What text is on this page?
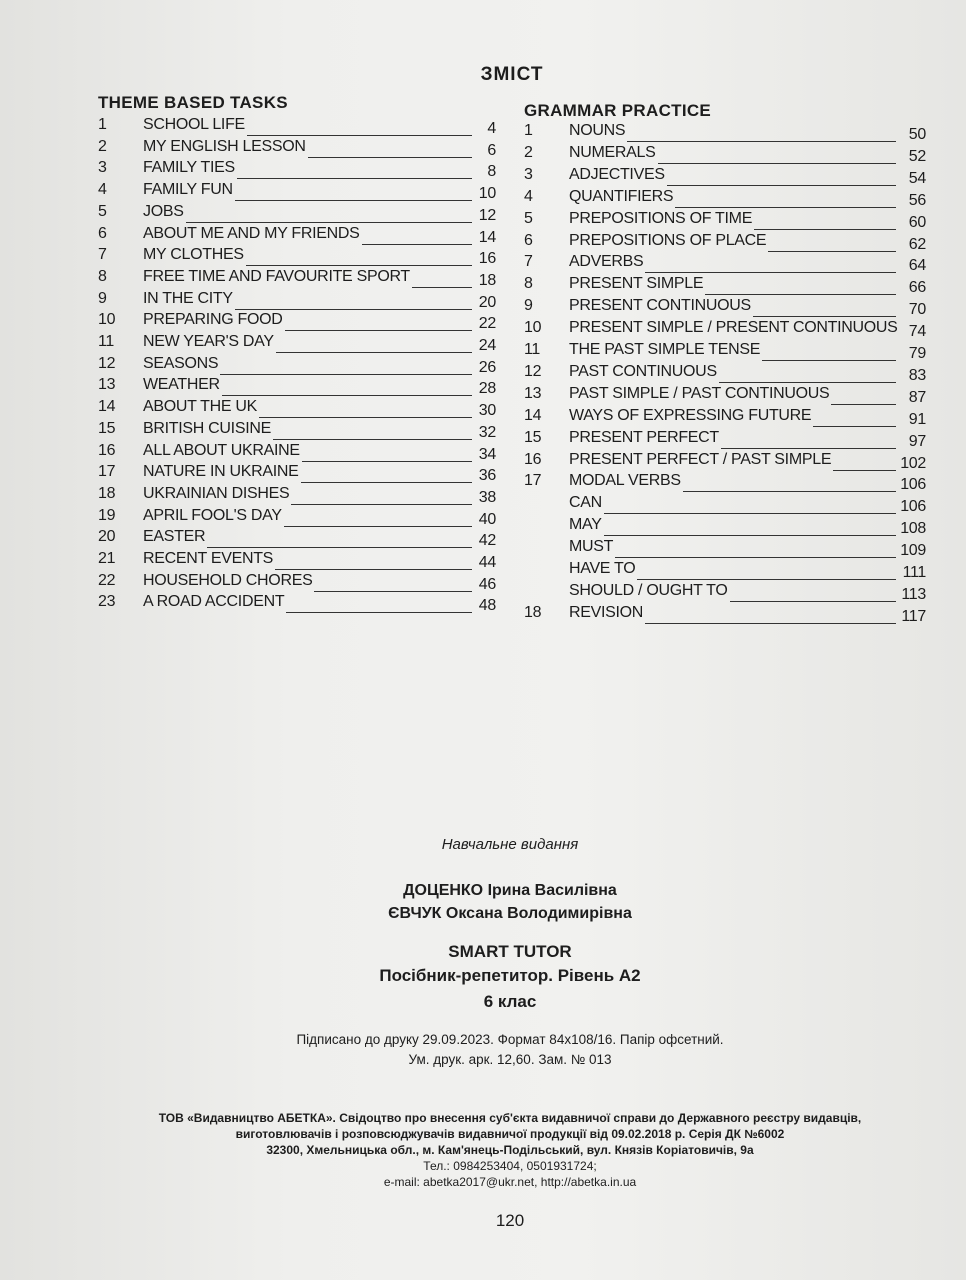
ЗМІСТ
THEME BASED TASKS	GRAMMAR PRACTICE
1 SCHOOL LIFE	4
2 MY ENGLISH LESSON	6
3 FAMILY TIES	8
4 FAMILY FUN	10
5 JOBS	12
6 ABOUT ME AND MY FRIENDS	14
7 MY CLOTHES	16
8 FREE TIME AND FAVOURITE SPORT	18
9 IN THE CITY	20
10 PREPARING FOOD	22
11 NEW YEAR'S DAY	24
12 SEASONS	26
13 WEATHER	28
14 ABOUT THE UK	30
15 BRITISH CUISINE	32
16 ALL ABOUT UKRAINE	34
17 NATURE IN UKRAINE	36
18 UKRAINIAN DISHES	38
19 APRIL FOOL'S DAY	40
20 EASTER	42
21 RECENT EVENTS	44
22 HOUSEHOLD CHORES	46
23 A ROAD ACCIDENT	48
1 NOUNS	50
2 NUMERALS	52
3 ADJECTIVES	54
4 QUANTIFIERS	56
5 PREPOSITIONS OF TIME	60
6 PREPOSITIONS OF PLACE	62
7 ADVERBS	64
8 PRESENT SIMPLE	66
9 PRESENT CONTINUOUS	70
10 PRESENT SIMPLE / PRESENT CONTINUOUS 74
11 THE PAST SIMPLE TENSE	79
12 PAST CONTINUOUS	83
13 PAST SIMPLE / PAST CONTINUOUS	87
14 WAYS OF EXPRESSING FUTURE	91
15 PRESENT PERFECT	97
16 PRESENT PERFECT / PAST SIMPLE	102
17 MODAL VERBS	106
CAN	106
MAY	108
MUST	109
HAVE TO	111
SHOULD / OUGHT TO	113
18 REVISION	117
Навчальне видання
ДОЦЕНКО Ірина Василівна
ЄВЧУК Оксана Володимирівна
SMART TUTOR
Посібник-репетитор. Рівень А2
6 клас
Підписано до друку 29.09.2023. Формат 84х108/16. Папір офсетний.
Ум. друк. арк. 12,60. Зам. № 013
ТОВ «Видавництво АБЕТКА». Свідоцтво про внесення суб'єкта видавничої справи до Державного реєстру видавців,
виготовлювачів і розповсюджувачів видавничої продукції від 09.02.2018 р. Серія ДК №6002
32300, Хмельницька обл., м. Кам'янець-Подільський, вул. Князів Коріатовичів, 9а
Тел.: 0984253404, 0501931724;
e-mail: abetka2017@ukr.net, http://abetka.in.ua
120
